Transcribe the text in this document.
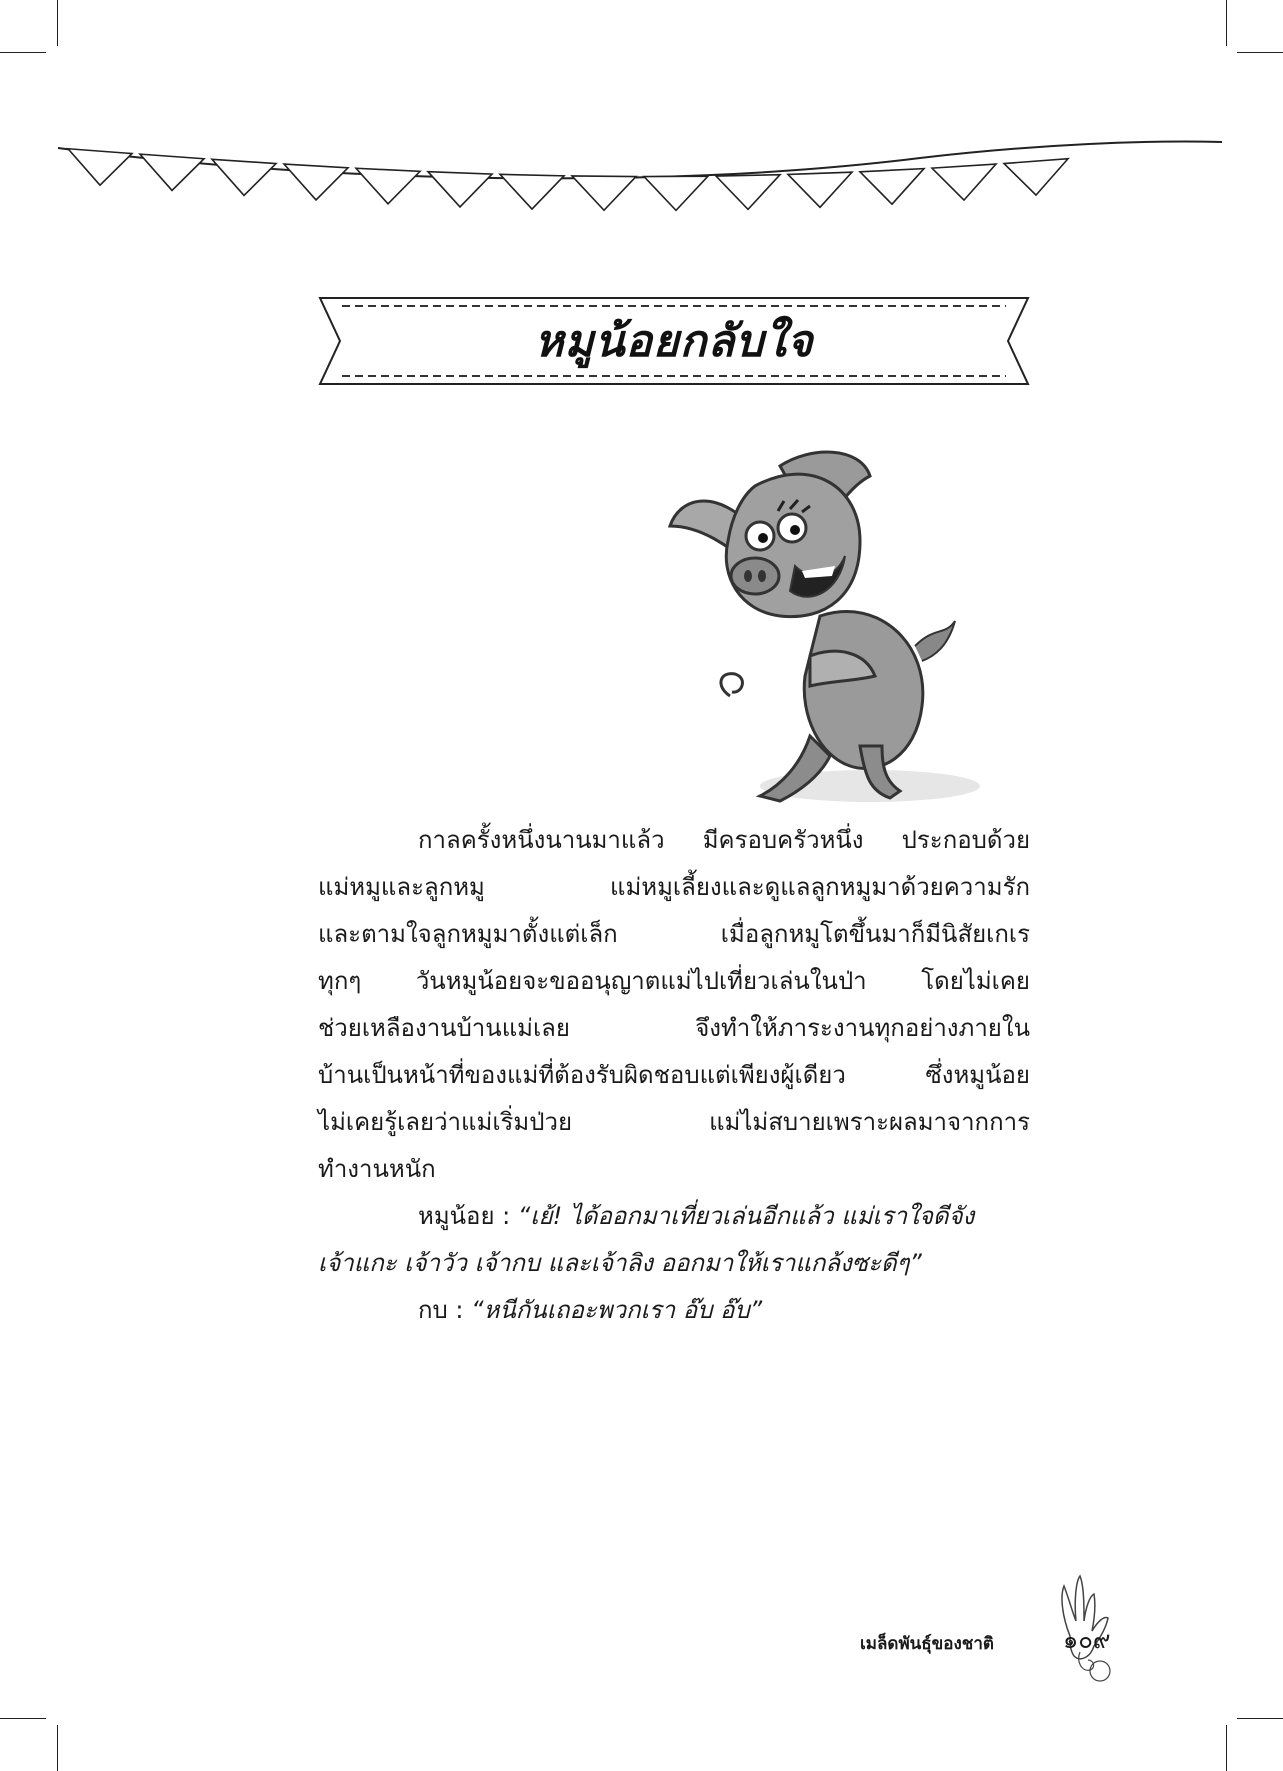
หมูน้อยกลับใจ
กาลครั้งหนึ่งนานมาแล้ว มีครอบครัวหนึ่ง ประกอบด้วย
แม่หมูและลูกหมู แม่หมูเลี้ยงและดูแลลูกหมูมาด้วยความรัก
และตามใจลูกหมูมาตั้งแต่เล็ก เมื่อลูกหมูโตขึ้นมาก็มีนิสัยเกเร
ทุกๆ วันหมูน้อยจะขออนุญาตแม่ไปเที่ยวเล่นในป่า โดยไม่เคย
ช่วยเหลืองานบ้านแม่เลย จึงทำให้ภาระงานทุกอย่างภายใน
บ้านเป็นหน้าที่ของแม่ที่ต้องรับผิดชอบแต่เพียงผู้เดียว ซึ่งหมูน้อย
ไม่เคยรู้เลยว่าแม่เริ่มป่วย แม่ไม่สบายเพราะผลมาจากการ
ทำงานหนัก
หมูน้อย : “เย้! ได้ออกมาเที่ยวเล่นอีกแล้ว แม่เราใจดีจัง
เจ้าแกะ เจ้าวัว เจ้ากบ และเจ้าลิง ออกมาให้เราแกล้งซะดีๆ”
กบ : “หนีกันเถอะพวกเรา อ๊บ อ๊บ”
เมล็ดพันธุ์ของชาติ	๑๐๙
